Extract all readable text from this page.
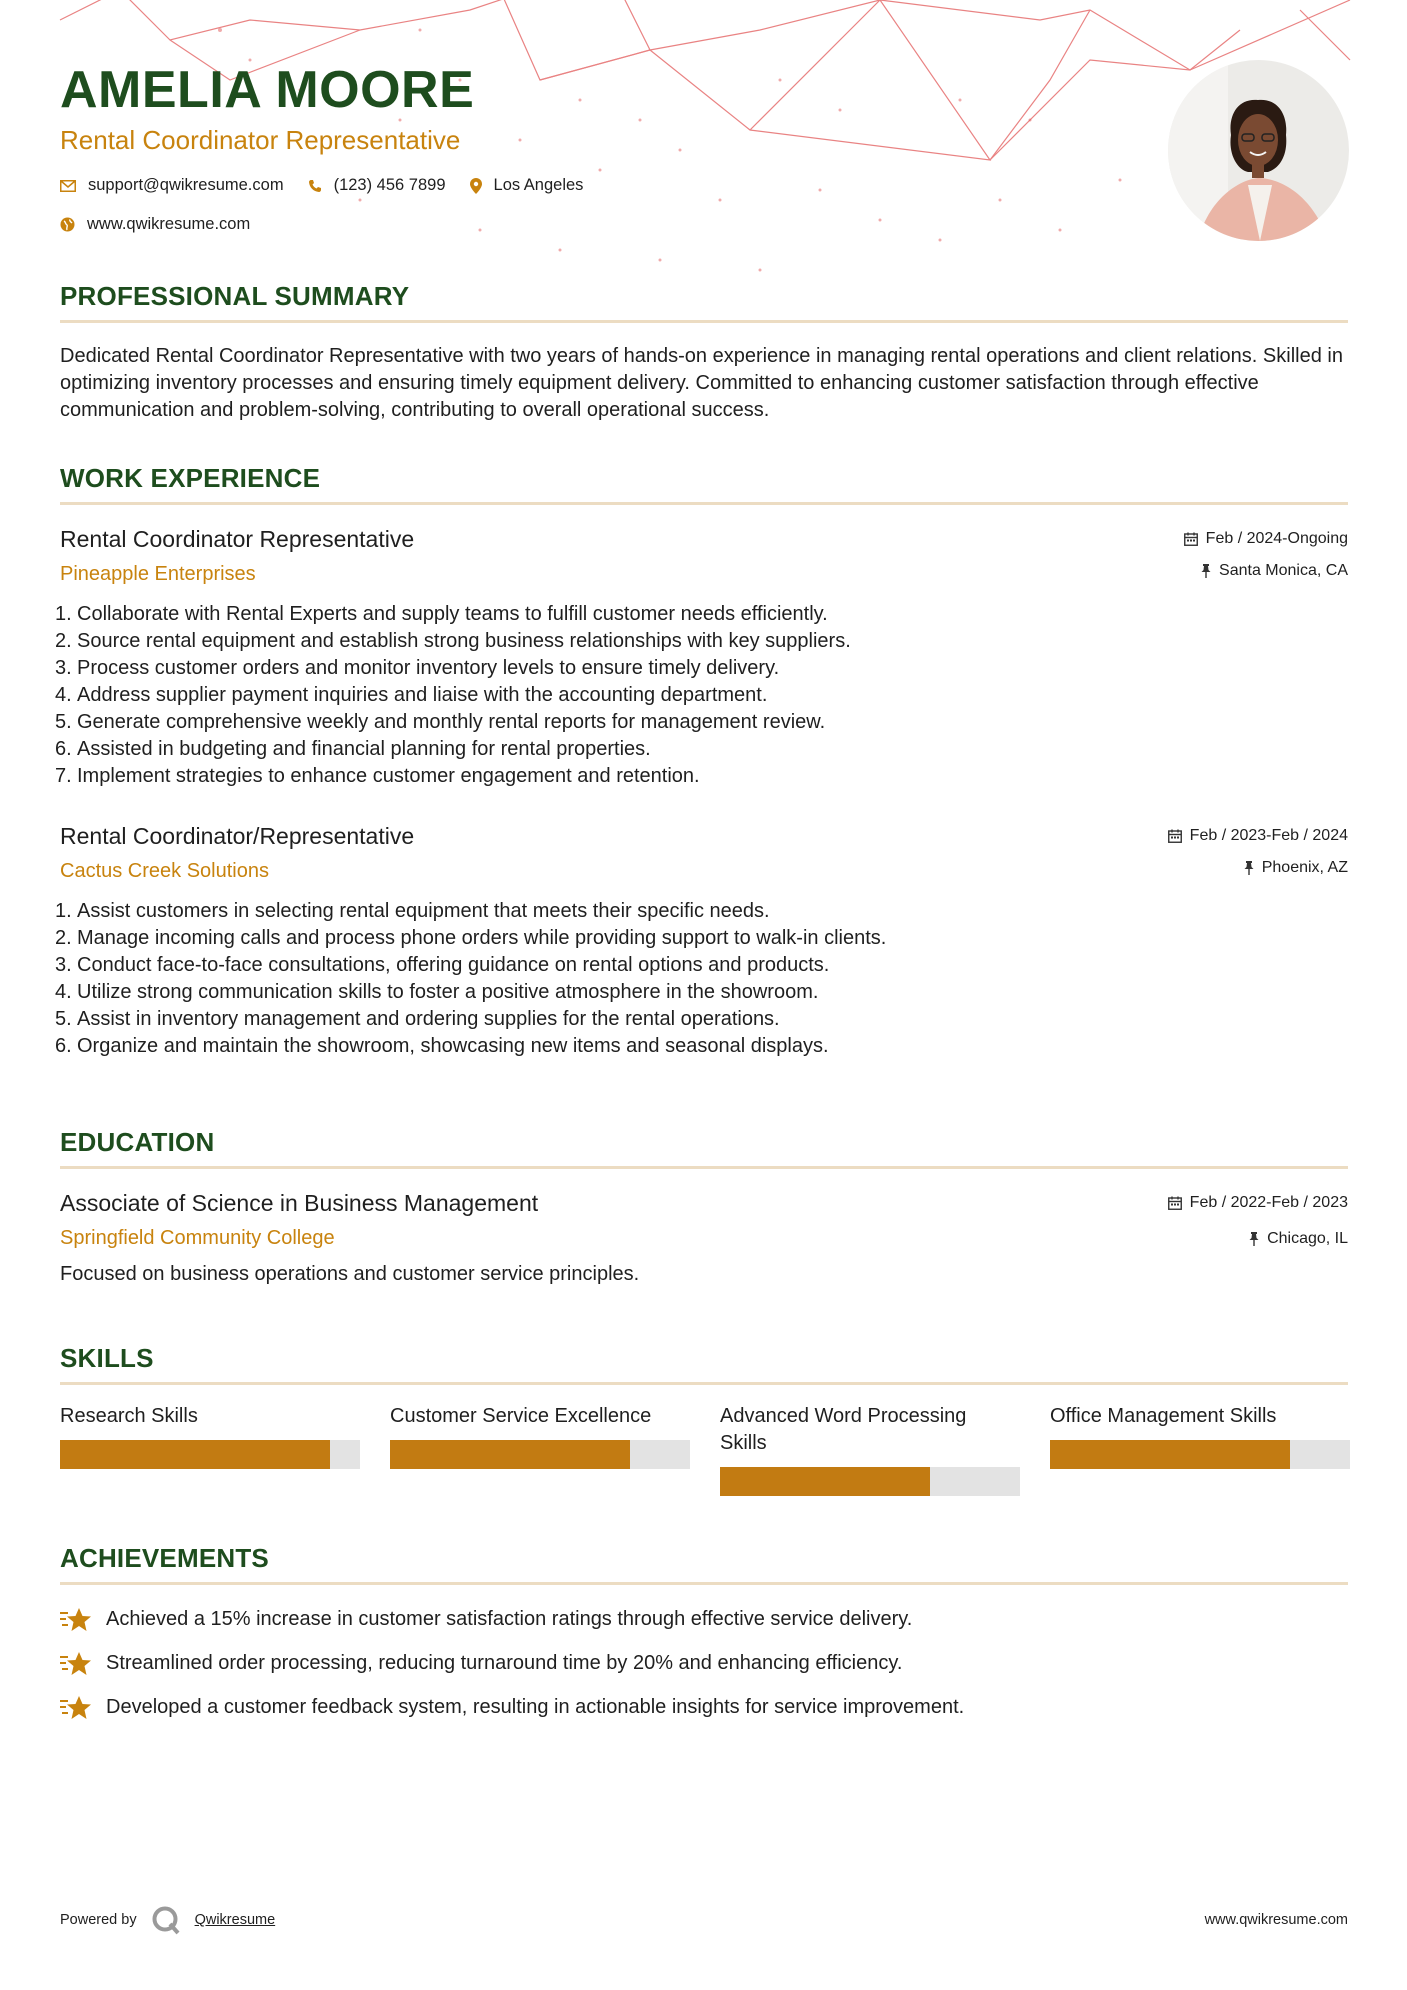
AMELIA MOORE
Rental Coordinator Representative
support@qwikresume.com	(123) 456 7899	Los Angeles
www.qwikresume.com
PROFESSIONAL SUMMARY

Dedicated Rental Coordinator Representative with two years of hands-on experience in managing rental operations and client relations. Skilled in optimizing inventory processes and ensuring timely equipment delivery. Committed to enhancing customer satisfaction through effective communication and problem-solving, contributing to overall operational success.

WORK EXPERIENCE
Rental Coordinator Representative
Pineapple Enterprises
Feb / 2024-Ongoing
Santa Monica, CA
1. Collaborate with Rental Experts and supply teams to fulfill customer needs efficiently.
2. Source rental equipment and establish strong business relationships with key suppliers.
3. Process customer orders and monitor inventory levels to ensure timely delivery.
4. Address supplier payment inquiries and liaise with the accounting department.
5. Generate comprehensive weekly and monthly rental reports for management review.
6. Assisted in budgeting and financial planning for rental properties.
7. Implement strategies to enhance customer engagement and retention.
Rental Coordinator/Representative
Cactus Creek Solutions
Feb / 2023-Feb / 2024
Phoenix, AZ
1. Assist customers in selecting rental equipment that meets their specific needs.
2. Manage incoming calls and process phone orders while providing support to walk-in clients.
3. Conduct face-to-face consultations, offering guidance on rental options and products.
4. Utilize strong communication skills to foster a positive atmosphere in the showroom.
5. Assist in inventory management and ordering supplies for the rental operations.
6. Organize and maintain the showroom, showcasing new items and seasonal displays.
EDUCATION
Associate of Science in Business Management
Springfield Community College
Feb / 2022-Feb / 2023
Chicago, IL

Focused on business operations and customer service principles.

SKILLS
Research Skills	Customer Service Excellence	Advanced Word Processing Skills
Office Management Skills
ACHIEVEMENTS
Achieved a 15% increase in customer satisfaction ratings through effective service delivery.
Streamlined order processing, reducing turnaround time by 20% and enhancing efficiency.
Developed a customer feedback system, resulting in actionable insights for service improvement.
Powered by	Qwikresume	www.qwikresume.com
